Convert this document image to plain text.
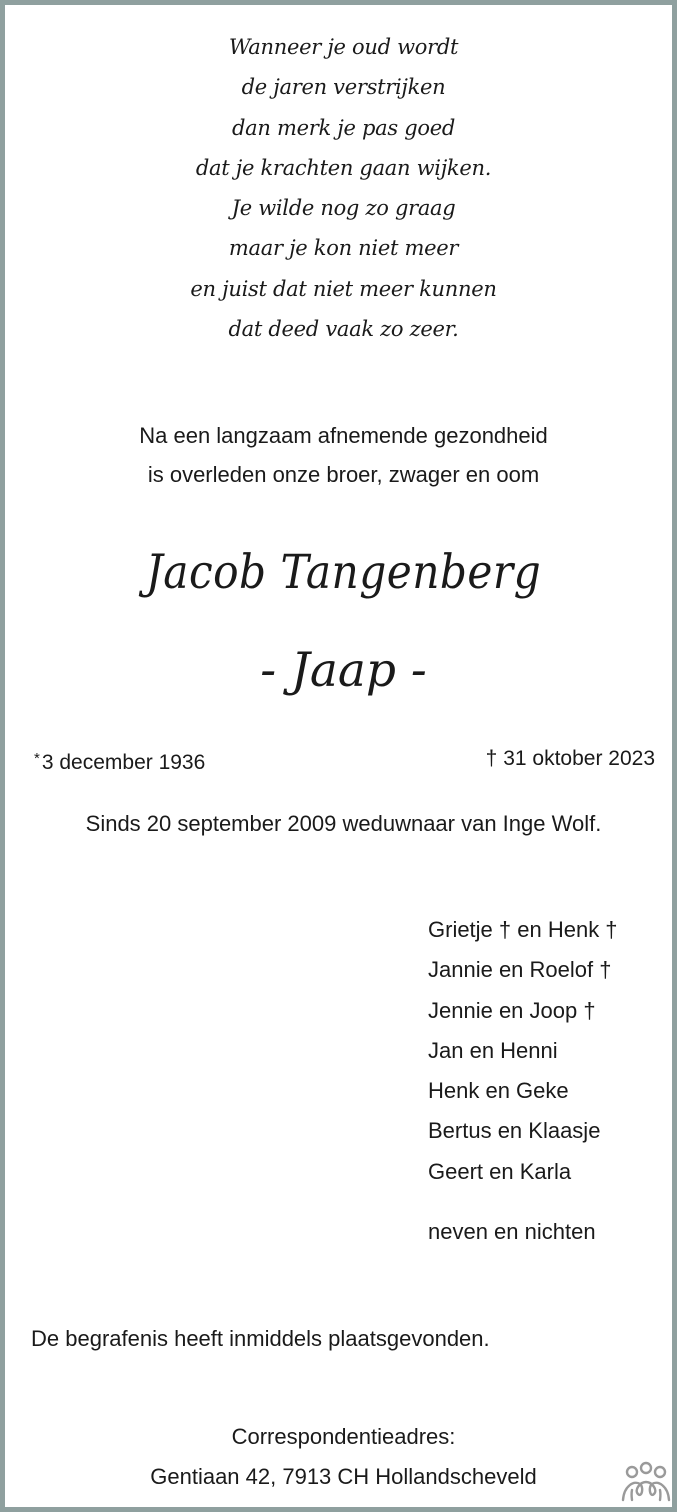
Wanneer je oud wordt
de jaren verstrijken
dan merk je pas goed
dat je krachten gaan wijken.
Je wilde nog zo graag
maar je kon niet meer
en juist dat niet meer kunnen
dat deed vaak zo zeer.
Na een langzaam afnemende gezondheid
is overleden onze broer, zwager en oom
Jacob Tangenberg
- Jaap -
*3 december 1936	† 31 oktober 2023
Sinds 20 september 2009 weduwnaar van Inge Wolf.
Grietje † en Henk †
Jannie en Roelof †
Jennie en Joop †
Jan en Henni
Henk en Geke
Bertus en Klaasje
Geert en Karla
neven en nichten
De begrafenis heeft inmiddels plaatsgevonden.
Correspondentieadres:
Gentiaan 42, 7913 CH Hollandscheveld
